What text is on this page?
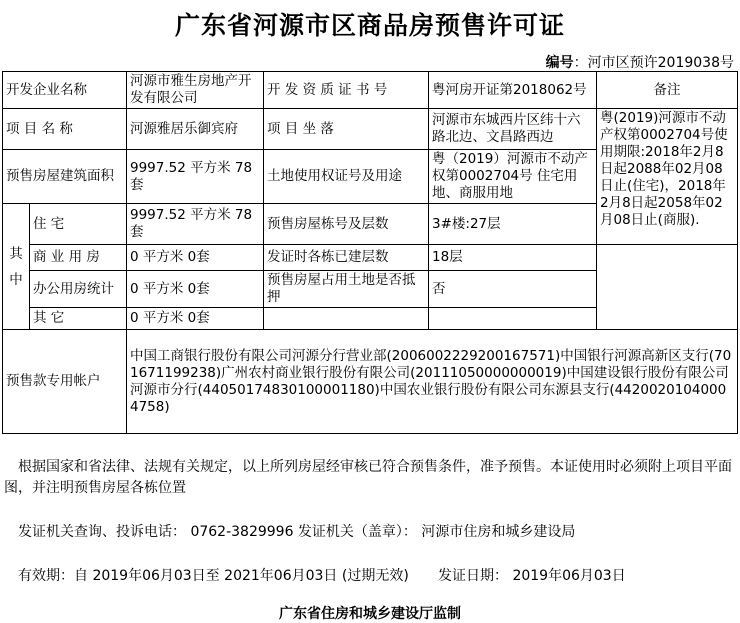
广东省河源市区商品房预售许可证
编号：河市区预许2019038号
开发企业名称		河源市雅生房地产开发有限公司	开 发 资 质 证 书 号	粤河房开证第2018062号	备注
项 目 名 称		河源雅居乐御宾府	项 目 坐 落	河源市东城西片区纬十六路北边、文昌路西边	粤(2019)河源市不动产权第0002704号使用期限:2018年2月8日起2088年02月08日止(住宅)，2018年2月8日起2058年02月08日止(商服).
预售房屋建筑面积		9997.52 平方米 78 套	土地使用权证号及用途	粤（2019）河源市不动产权第0002704号 住宅用地、商服用地	
其中	住 宅	9997.52 平方米 78 套	预售房屋栋号及层数	3#楼:27层	
	商 业 用 房	0 平方米 0套	发证时各栋已建层数	18层	
	办公用房统计	0 平方米 0套	预售房屋占用土地是否抵押	否	
	其 它	0 平方米 0套			
预售款专用帐户		中国工商银行股份有限公司河源分行营业部(2006002229200167571)中国银行河源高新区支行(701671199238)广州农村商业银行股份有限公司(20111050000000019)中国建设银行股份有限公司河源市分行(44050174830100001180)中国农业银行股份有限公司东源县支行(44200201040004758)			
根据国家和省法律、法规有关规定，以上所列房屋经审核已符合预售条件，准予预售。本证使用时必须附上项目平面图，并注明预售房屋各栋位置
发证机关查询、投诉电话： 0762-3829996 发证机关（盖章）： 河源市住房和城乡建设局
有效期：自 2019年06月03日至 2021年06月03日 (过期无效) 发证日期： 2019年06月03日
广东省住房和城乡建设厅监制
